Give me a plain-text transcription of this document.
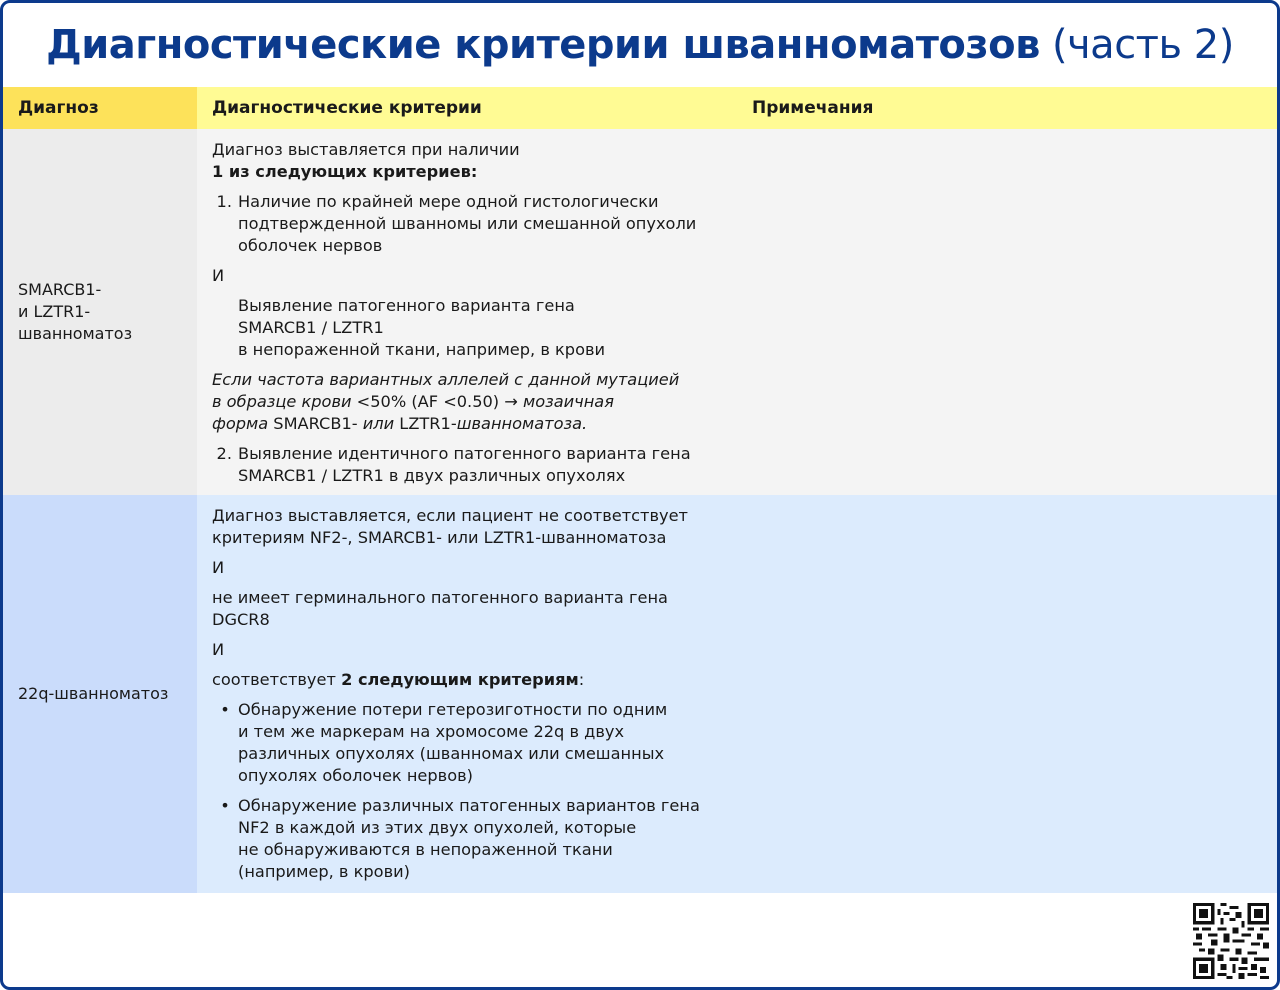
Диагностические критерии шванноматозов (часть 2)
Диагноз	Диагностические критерии	Примечания
SMARCB1-
и LZTR1-
шванноматоз
Диагноз выставляется при наличии
1 из следующих критериев:
1. Наличие по крайней мере одной гистологически
подтвержденной шванномы или смешанной опухоли
оболочек нервов
И
Выявление патогенного варианта гена
SMARCB1 / LZTR1
в непораженной ткани, например, в крови
Если частота вариантных аллелей с данной мутацией
в образце крови <50% (AF <0.50) → мозаичная
форма SMARCB1- или LZTR1-шванноматоза.
2. Выявление идентичного патогенного варианта гена
SMARCB1 / LZTR1 в двух различных опухолях
22q-шванноматоз
Диагноз выставляется, если пациент не соответствует
критериям NF2-, SMARCB1- или LZTR1-шванноматоза
И
не имеет герминального патогенного варианта гена
DGCR8
И
соответствует 2 следующим критериям:
• Обнаружение потери гетерозиготности по одним
и тем же маркерам на хромосоме 22q в двух
различных опухолях (шванномах или смешанных
опухолях оболочек нервов)
• Обнаружение различных патогенных вариантов гена
NF2 в каждой из этих двух опухолей, которые
не обнаруживаются в непораженной ткани
(например, в крови)
